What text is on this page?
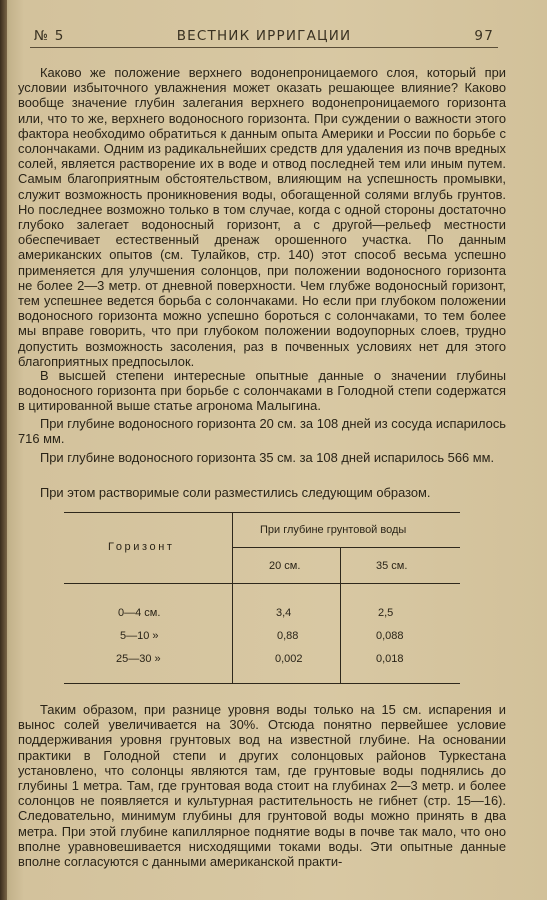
№ 5	ВЕСТНИК ИРРИГАЦИИ	97

Каково же положение верхнего водонепроницаемого слоя, который при условии избыточного увлажнения может оказать решающее влияние? Каково вообще значение глубин залегания верхнего водонепроницаемого горизонта или, что то же, верхнего водоносного горизонта. При суждении о важности этого фактора необходимо обратиться к данным опыта Америки и России по борьбе с солончаками. Одним из радикальнейших средств для удаления из почв вредных солей, является растворение их в воде и отвод последней тем или иным путем. Самым благоприятным обстоятельством, влияющим на успешность промывки, служит возможность проникновения воды, обогащенной солями вглубь грунтов. Но последнее возможно только в том случае, когда с одной стороны достаточно глубоко залегает водоносный горизонт, а с другой—рельеф местности обеспечивает естественный дренаж орошенного участка. По данным американских опытов (см. Тулайков, стр. 140) этот способ весьма успешно применяется для улучшения солонцов, при положении водоносного горизонта не более 2—3 метр. от дневной поверхности. Чем глубже водоносный горизонт, тем успешнее ведется борьба с солончаками. Но если при глубоком положении водоносного горизонта можно успешно бороться с солончаками, то тем более мы вправе говорить, что при глубоком положении водоупорных слоев, трудно допустить возможность засоления, раз в почвенных условиях нет для этого благоприятных предпосылок.

В высшей степени интересные опытные данные о значении глубины водоносного горизонта при борьбе с солончаками в Голодной степи содержатся в цитированной выше статье агронома Малыгина.

При глубине водоносного горизонта 20 см. за 108 дней из сосуда испарилось 716 мм.

При глубине водоносного горизонта 35 см. за 108 дней испарилось 566 мм.

При этом растворимые соли разместились следующим образом.

Горизонт
При глубине грунтовой воды
20 см.	35 см.
0—4 см.	3,4	2,5
5—10 »	0,88	0,088
25—30 »	0,002	0,018

Таким образом, при разнице уровня воды только на 15 см. испарения и вынос солей увеличивается на 30%. Отсюда понятно первейшее условие поддерживания уровня грунтовых вод на известной глубине. На основании практики в Голодной степи и других солонцовых районов Туркестана установлено, что солонцы являются там, где грунтовые воды поднялись до глубины 1 метра. Там, где грунтовая вода стоит на глубинах 2—3 метр. и более солонцов не появляется и культурная растительность не гибнет (стр. 15—16). Следовательно, минимум глубины для грунтовой воды можно принять в два метра. При этой глубине капиллярное поднятие воды в почве так мало, что оно вполне уравновешивается нисходящими токами воды. Эти опытные данные вполне согласуются с данными американской практи-
